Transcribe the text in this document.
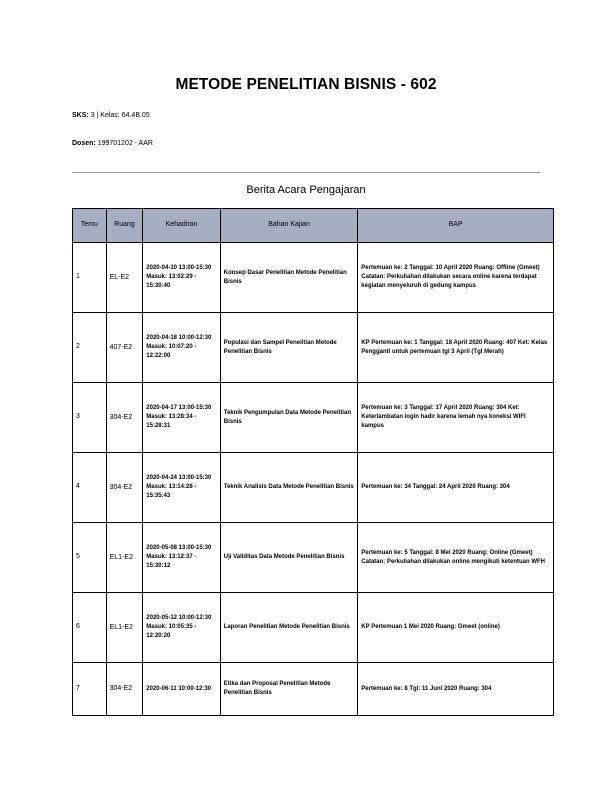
METODE PENELITIAN BISNIS - 602
SKS: 3 | Kelas: 64.4B.05
Dosen: 199701202 - AAR
Berita Acara Pengajaran
Temu	Ruang	Kehadiran	Bahan Kajian	BAP
1	EL-E2	2020-04-10 13:00-15:30 Masuk: 13:02:29 - 15:30:40	Konsep Dasar Penelitian Metode Penelitian Bisnis	Pertemuan ke: 2 Tanggal: 10 April 2020 Ruang: Offline (Gmeet) Catatan: Perkuliahan dilakukan secara online karena terdapat kegiatan menyeluruh di gedung kampus
2	407-E2	2020-04-18 10:00-12:30 Masuk: 10:07:20 - 12:22:00	Populasi dan Sampel Penelitian Metode Penelitian Bisnis	KP Pertemuan ke: 1 Tanggal: 18 April 2020 Ruang: 407 Ket: Kelas Pengganti untuk pertemuan tgl 3 April (Tgl Merah)
3	304-E2	2020-04-17 13:00-15:30 Masuk: 13:28:34 - 15:28:31	Teknik Pengumpulan Data Metode Penelitian Bisnis	Pertemuan ke: 3 Tanggal: 17 April 2020 Ruang: 304 Ket: Keterlambatan login hadir karena lemah nya koneksi WIFI kampus
4	304-E2	2020-04-24 13:00-15:30 Masuk: 13:14:28 - 15:35:43	Teknik Analisis Data Metode Penelitian Bisnis	Pertemuan ke: 34 Tanggal: 24 April 2020 Ruang: 304
5	EL1-E2	2020-05-08 13:00-15:30 Masuk: 13:12:37 - 15:30:12	Uji Validitas Data Metode Penelitian Bisnis	Pertemuan ke: 5 Tanggal: 8 Mei 2020 Ruang: Online (Gmeet) Catatan: Perkuliahan dilakukan online mengikuti ketentuan WFH
6	EL1-E2	2020-05-12 10:00-12:30 Masuk: 10:05:35 - 12:20:20	Laporan Penelitian Metode Penelitian Bisnis	KP Pertemuan 1 Mei 2020 Ruang: Gmeet (online)
7	304-E2	2020-06-11 10:00-12:30	Etika dan Proposal Penelitian Metode Penelitian Bisnis	Pertemuan ke: 8 Tgl: 11 Juni 2020 Ruang: 304
